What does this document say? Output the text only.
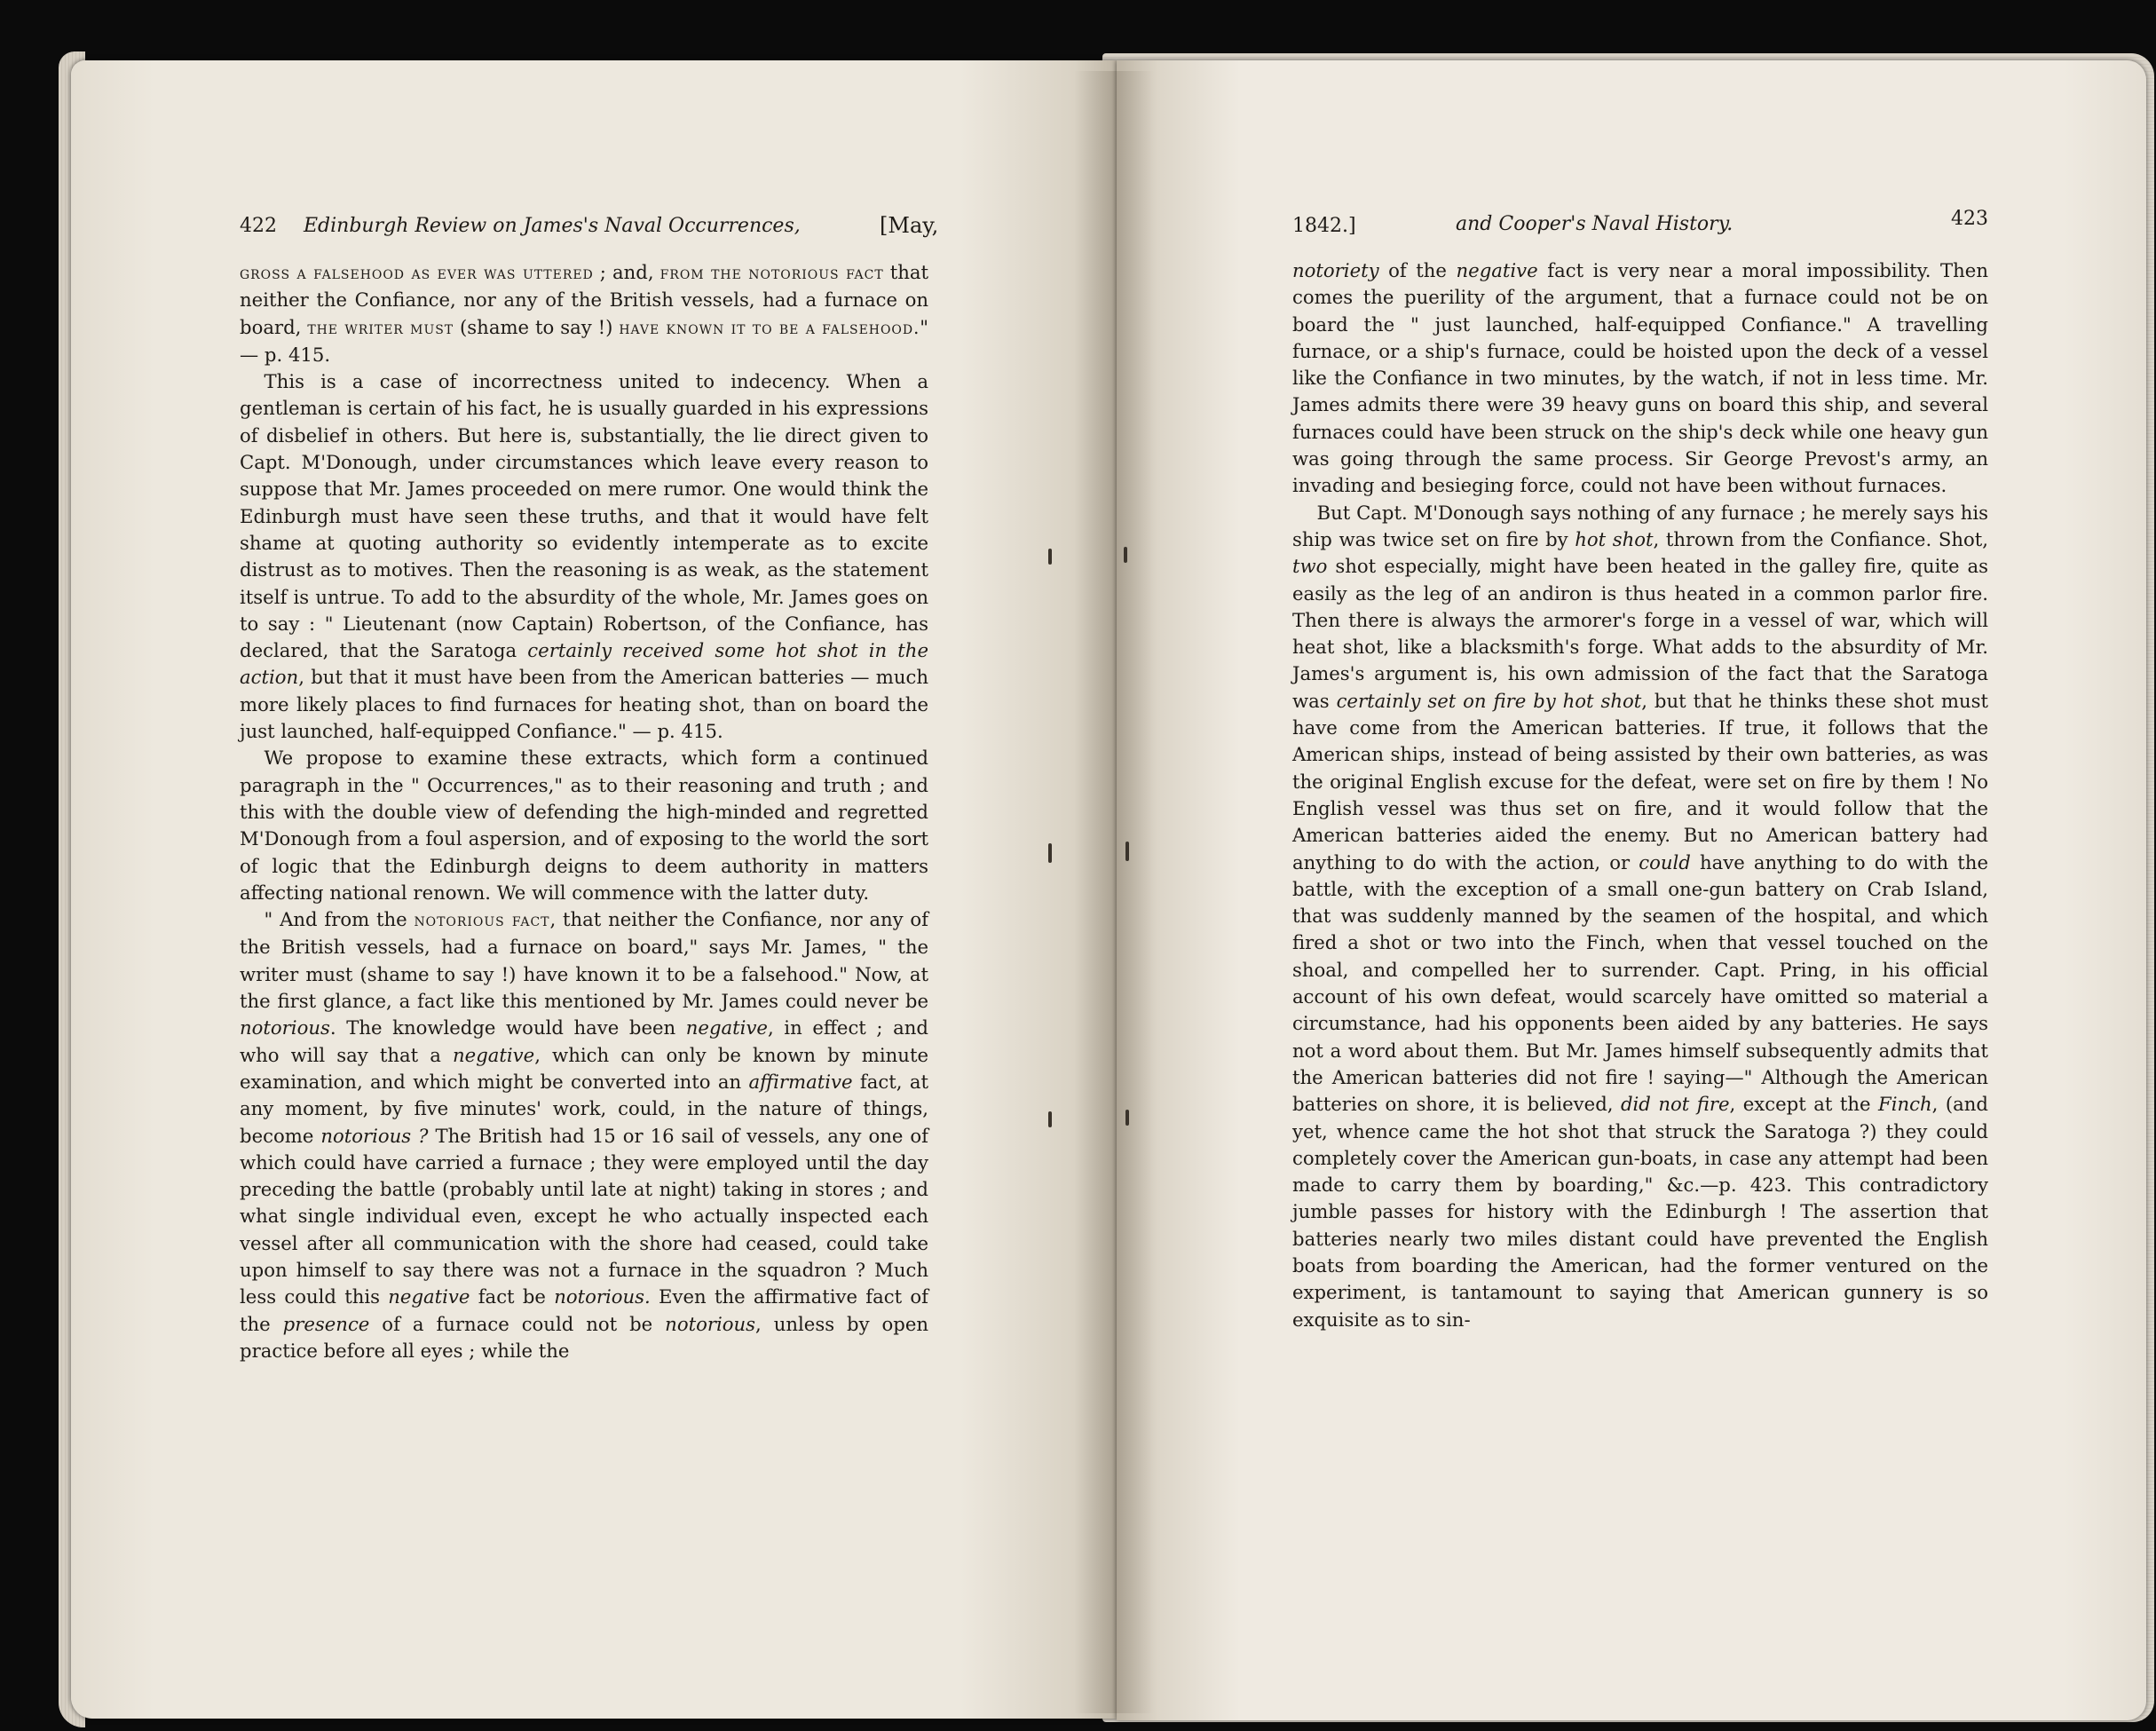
422 Edinburgh Review on James's Naval Occurrences,	[May,

gross a falsehood as ever was uttered ; and, from the notorious fact that neither the Confiance, nor any of the British vessels, had a furnace on board, the writer must (shame to say !) have known it to be a falsehood." — p. 415.

This is a case of incorrectness united to indecency. When a gentleman is certain of his fact, he is usually guarded in his expressions of disbelief in others. But here is, substantially, the lie direct given to Capt. M'Donough, under circumstances which leave every reason to suppose that Mr. James proceeded on mere rumor. One would think the Edinburgh must have seen these truths, and that it would have felt shame at quoting authority so evidently intemperate as to excite distrust as to motives. Then the reasoning is as weak, as the statement itself is untrue. To add to the absurdity of the whole, Mr. James goes on to say : " Lieutenant (now Captain) Robertson, of the Confiance, has declared, that the Saratoga certainly received some hot shot in the action, but that it must have been from the American batteries — much more likely places to find furnaces for heating shot, than on board the just launched, half-equipped Confiance." — p. 415.

We propose to examine these extracts, which form a continued paragraph in the " Occurrences," as to their reasoning and truth ; and this with the double view of defending the high-minded and regretted M'Donough from a foul aspersion, and of exposing to the world the sort of logic that the Edinburgh deigns to deem authority in matters affecting national renown. We will commence with the latter duty.

" And from the notorious fact, that neither the Confiance, nor any of the British vessels, had a furnace on board," says Mr. James, " the writer must (shame to say !) have known it to be a falsehood." Now, at the first glance, a fact like this mentioned by Mr. James could never be notorious. The knowledge would have been negative, in effect ; and who will say that a negative, which can only be known by minute examination, and which might be converted into an affirmative fact, at any moment, by five minutes' work, could, in the nature of things, become notorious ? The British had 15 or 16 sail of vessels, any one of which could have carried a furnace ; they were employed until the day preceding the battle (probably until late at night) taking in stores ; and what single individual even, except he who actually inspected each vessel after all communication with the shore had ceased, could take upon himself to say there was not a furnace in the squadron ? Much less could this negative fact be notorious. Even the affirmative fact of the presence of a furnace could not be notorious, unless by open practice before all eyes ; while the

1842.]	and Cooper's Naval History.	423

notoriety of the negative fact is very near a moral impossibility. Then comes the puerility of the argument, that a furnace could not be on board the " just launched, half-equipped Confiance." A travelling furnace, or a ship's furnace, could be hoisted upon the deck of a vessel like the Confiance in two minutes, by the watch, if not in less time. Mr. James admits there were 39 heavy guns on board this ship, and several furnaces could have been struck on the ship's deck while one heavy gun was going through the same process. Sir George Prevost's army, an invading and besieging force, could not have been without furnaces.

But Capt. M'Donough says nothing of any furnace ; he merely says his ship was twice set on fire by hot shot, thrown from the Confiance. Shot, two shot especially, might have been heated in the galley fire, quite as easily as the leg of an andiron is thus heated in a common parlor fire. Then there is always the armorer's forge in a vessel of war, which will heat shot, like a blacksmith's forge. What adds to the absurdity of Mr. James's argument is, his own admission of the fact that the Saratoga was certainly set on fire by hot shot, but that he thinks these shot must have come from the American batteries. If true, it follows that the American ships, instead of being assisted by their own batteries, as was the original English excuse for the defeat, were set on fire by them ! No English vessel was thus set on fire, and it would follow that the American batteries aided the enemy. But no American battery had anything to do with the action, or could have anything to do with the battle, with the exception of a small one-gun battery on Crab Island, that was suddenly manned by the seamen of the hospital, and which fired a shot or two into the Finch, when that vessel touched on the shoal, and compelled her to surrender. Capt. Pring, in his official account of his own defeat, would scarcely have omitted so material a circumstance, had his opponents been aided by any batteries. He says not a word about them. But Mr. James himself subsequently admits that the American batteries did not fire ! saying—" Although the American batteries on shore, it is believed, did not fire, except at the Finch, (and yet, whence came the hot shot that struck the Saratoga ?) they could completely cover the American gun-boats, in case any attempt had been made to carry them by boarding," &c.—p. 423. This contradictory jumble passes for history with the Edinburgh ! The assertion that batteries nearly two miles distant could have prevented the English boats from boarding the American, had the former ventured on the experiment, is tantamount to saying that American gunnery is so exquisite as to sin-
